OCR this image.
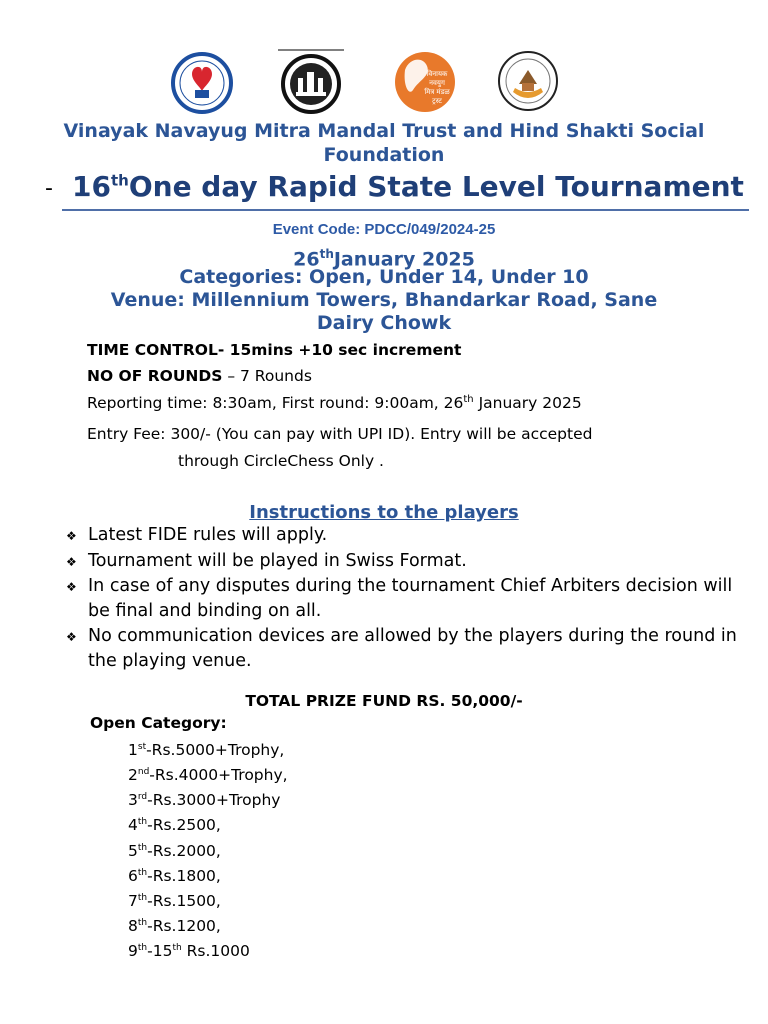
विनायक
नवयुग
मित्र मंडळ
ट्रस्ट
Vinayak Navayug Mitra Mandal Trust and Hind Shakti Social
Foundation
- 16thOne day Rapid State Level Tournament
Event Code: PDCC/049/2024-25
26thJanuary 2025
Categories: Open, Under 14, Under 10
Venue: Millennium Towers, Bhandarkar Road, Sane
Dairy Chowk
TIME CONTROL- 15mins +10 sec increment
NO OF ROUNDS – 7 Rounds
Reporting time: 8:30am, First round: 9:00am, 26th January 2025
Entry Fee: 300/- (You can pay with UPI ID). Entry will be accepted
through CircleChess Only .
Instructions to the players
❖ Latest FIDE rules will apply.
❖ Tournament will be played in Swiss Format.
❖ In case of any disputes during the tournament Chief Arbiters decision will be final and binding on all.
❖ No communication devices are allowed by the players during the round in the playing venue.
TOTAL PRIZE FUND RS. 50,000/-
Open Category:
1st-Rs.5000+Trophy,
2nd-Rs.4000+Trophy,
3rd-Rs.3000+Trophy
4th-Rs.2500,
5th-Rs.2000,
6th-Rs.1800,
7th-Rs.1500,
8th-Rs.1200,
9th-15th Rs.1000
